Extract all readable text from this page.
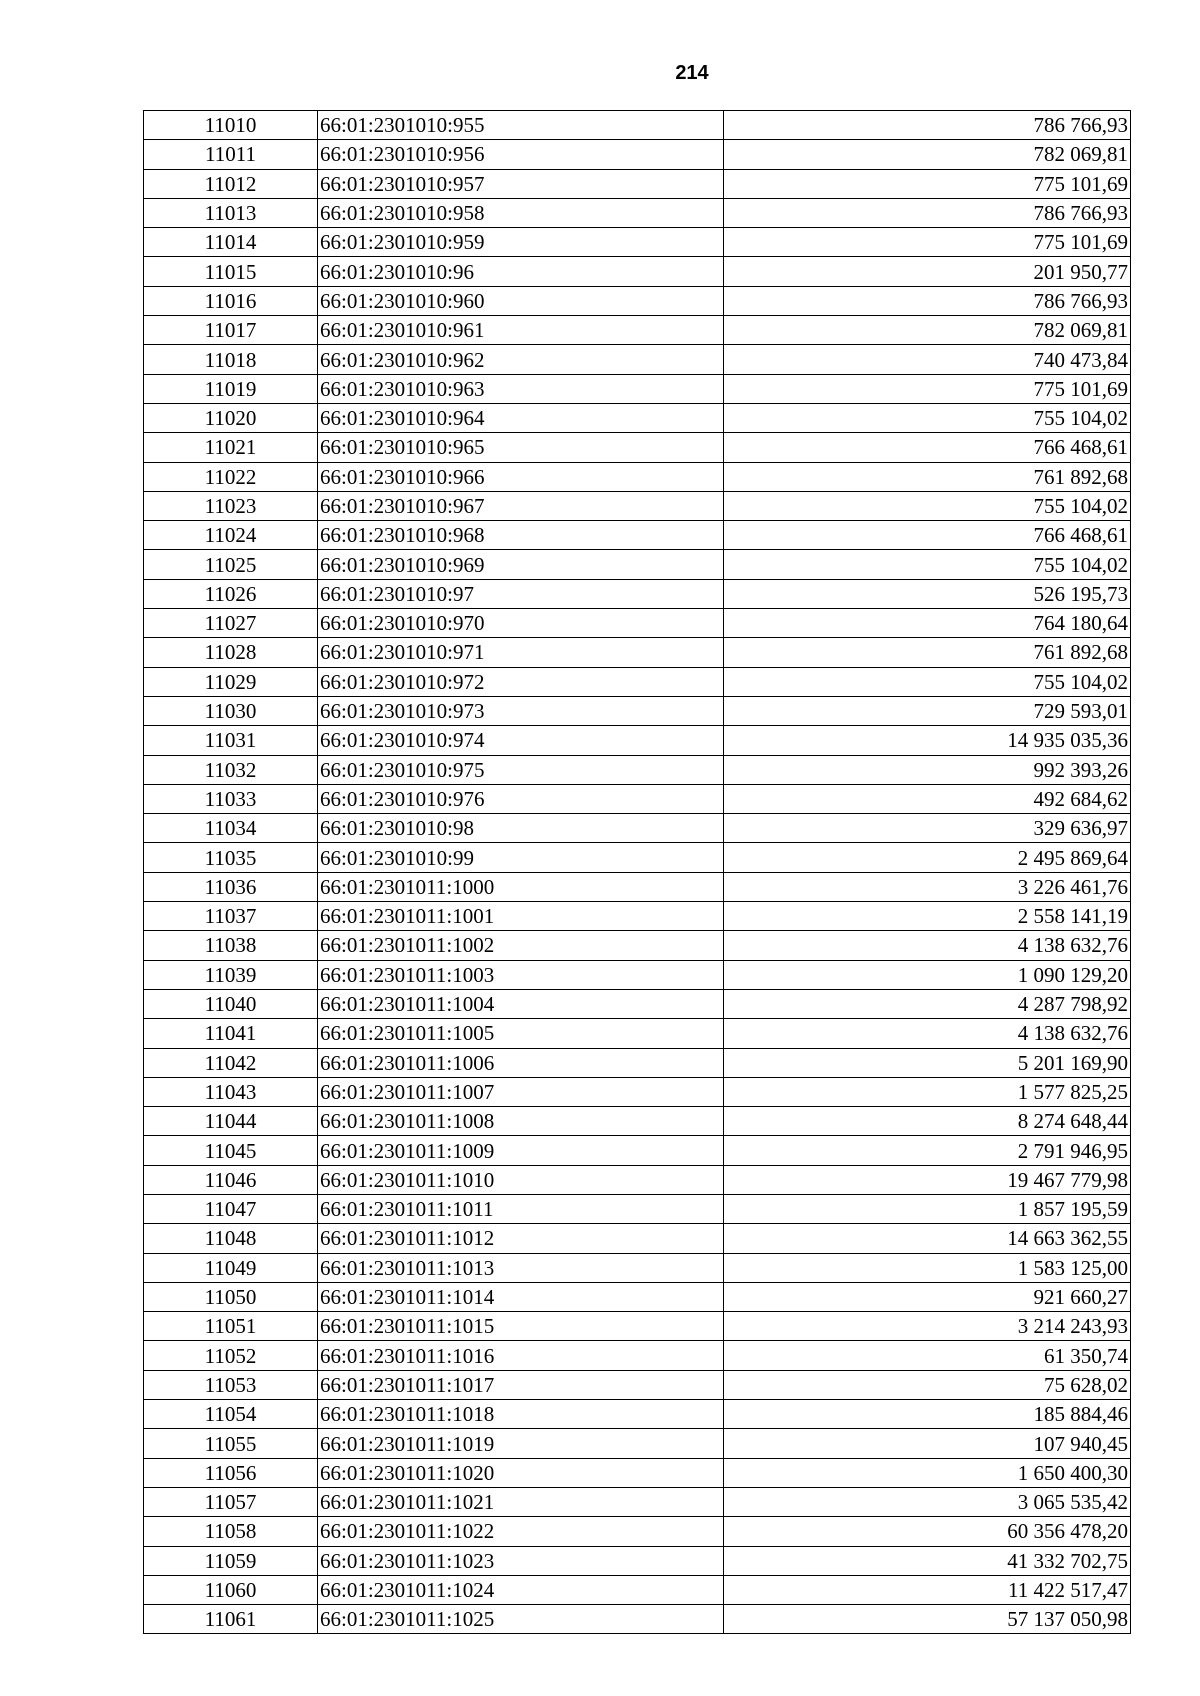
214
11010	66:01:2301010:955	786 766,93
11011	66:01:2301010:956	782 069,81
11012	66:01:2301010:957	775 101,69
11013	66:01:2301010:958	786 766,93
11014	66:01:2301010:959	775 101,69
11015	66:01:2301010:96	201 950,77
11016	66:01:2301010:960	786 766,93
11017	66:01:2301010:961	782 069,81
11018	66:01:2301010:962	740 473,84
11019	66:01:2301010:963	775 101,69
11020	66:01:2301010:964	755 104,02
11021	66:01:2301010:965	766 468,61
11022	66:01:2301010:966	761 892,68
11023	66:01:2301010:967	755 104,02
11024	66:01:2301010:968	766 468,61
11025	66:01:2301010:969	755 104,02
11026	66:01:2301010:97	526 195,73
11027	66:01:2301010:970	764 180,64
11028	66:01:2301010:971	761 892,68
11029	66:01:2301010:972	755 104,02
11030	66:01:2301010:973	729 593,01
11031	66:01:2301010:974	14 935 035,36
11032	66:01:2301010:975	992 393,26
11033	66:01:2301010:976	492 684,62
11034	66:01:2301010:98	329 636,97
11035	66:01:2301010:99	2 495 869,64
11036	66:01:2301011:1000	3 226 461,76
11037	66:01:2301011:1001	2 558 141,19
11038	66:01:2301011:1002	4 138 632,76
11039	66:01:2301011:1003	1 090 129,20
11040	66:01:2301011:1004	4 287 798,92
11041	66:01:2301011:1005	4 138 632,76
11042	66:01:2301011:1006	5 201 169,90
11043	66:01:2301011:1007	1 577 825,25
11044	66:01:2301011:1008	8 274 648,44
11045	66:01:2301011:1009	2 791 946,95
11046	66:01:2301011:1010	19 467 779,98
11047	66:01:2301011:1011	1 857 195,59
11048	66:01:2301011:1012	14 663 362,55
11049	66:01:2301011:1013	1 583 125,00
11050	66:01:2301011:1014	921 660,27
11051	66:01:2301011:1015	3 214 243,93
11052	66:01:2301011:1016	61 350,74
11053	66:01:2301011:1017	75 628,02
11054	66:01:2301011:1018	185 884,46
11055	66:01:2301011:1019	107 940,45
11056	66:01:2301011:1020	1 650 400,30
11057	66:01:2301011:1021	3 065 535,42
11058	66:01:2301011:1022	60 356 478,20
11059	66:01:2301011:1023	41 332 702,75
11060	66:01:2301011:1024	11 422 517,47
11061	66:01:2301011:1025	57 137 050,98
